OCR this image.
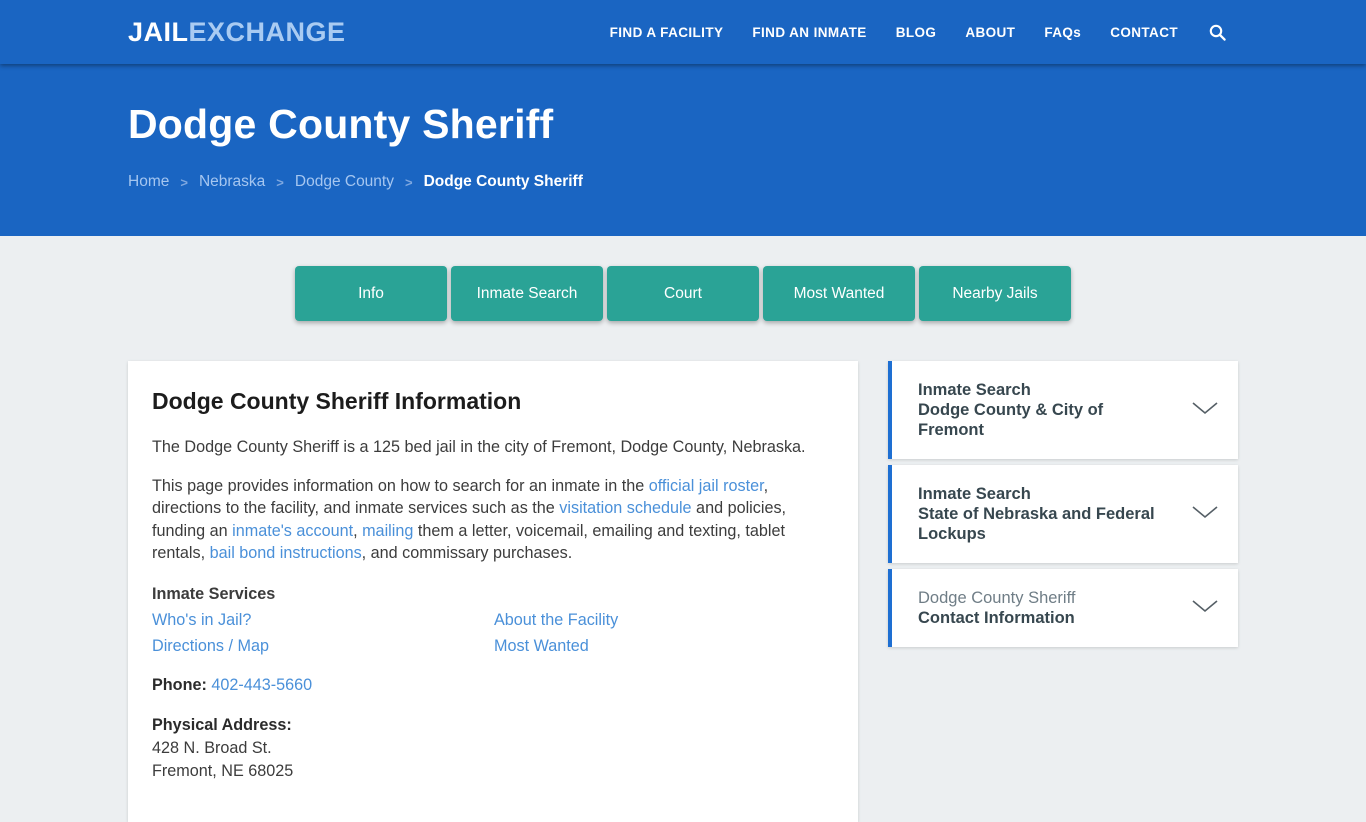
JAILEXCHANGE	FIND A FACILITY FIND AN INMATE BLOG ABOUT FAQs CONTACT
Dodge County Sheriff
Home > Nebraska > Dodge County > Dodge County Sheriff
Info	Inmate Search	Court	Most Wanted	Nearby Jails
Dodge County Sheriff Information

The Dodge County Sheriff is a 125 bed jail in the city of Fremont, Dodge County, Nebraska.

This page provides information on how to search for an inmate in the official jail roster, directions to the facility, and inmate services such as the visitation schedule and policies, funding an inmate's account, mailing them a letter, voicemail, emailing and texting, tablet rentals, bail bond instructions, and commissary purchases.

Inmate Services
Who's in Jail?	About the Facility
Directions / Map	Most Wanted

Phone: 402-443-5660

Physical Address:
428 N. Broad St.
Fremont, NE 68025

Inmate Search
Dodge County & City of Fremont
Inmate Search
State of Nebraska and Federal Lockups
Dodge County Sheriff
Contact Information
